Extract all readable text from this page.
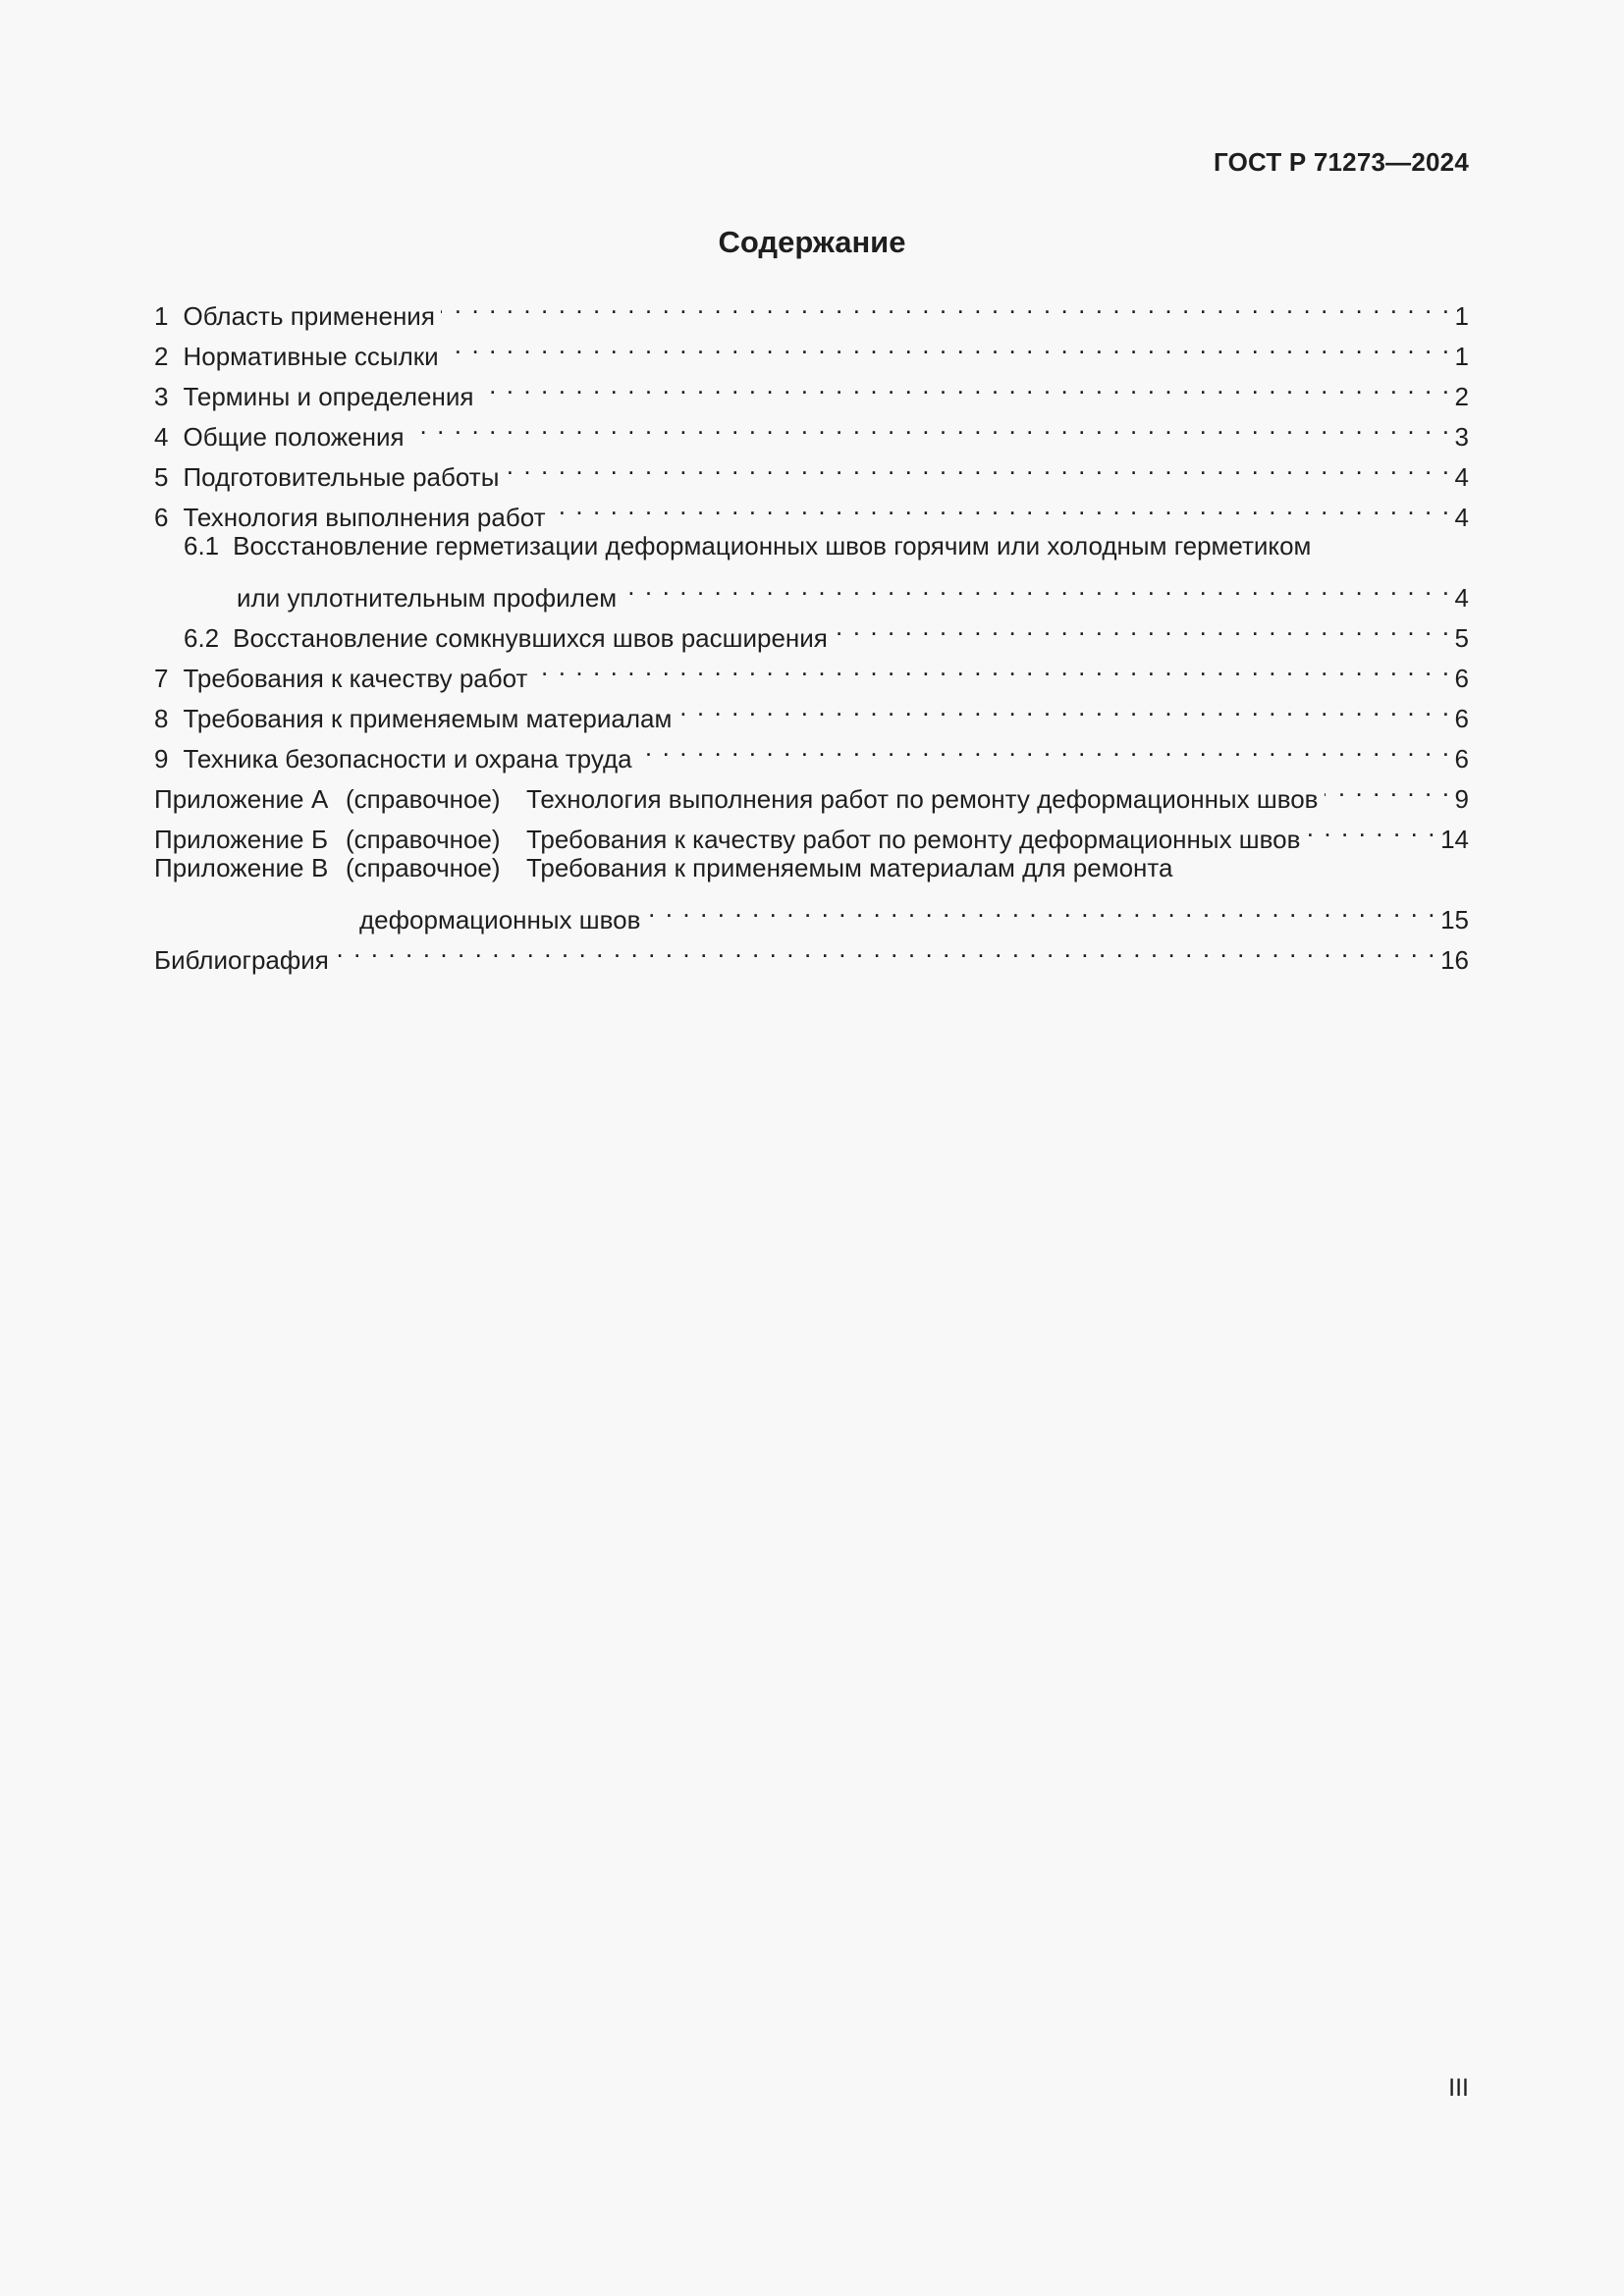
ГОСТ Р 71273—2024
Содержание
1 Область применения . . .	1
2 Нормативные ссылки . . .	1
3 Термины и определения . . .	2
4 Общие положения . . .	3
5 Подготовительные работы . . .	4
6 Технология выполнения работ . . .	4
6.1 Восстановление герметизации деформационных швов горячим или холодным герметиком
или уплотнительным профилем . . .	4
6.2 Восстановление сомкнувшихся швов расширения . . .	5
7 Требования к качеству работ . . .	6
8 Требования к применяемым материалам . . .	6
9 Техника безопасности и охрана труда . . .	6
Приложение А (справочное)	Технология выполнения работ по ремонту деформационных швов . . .	9
Приложение Б (справочное)	Требования к качеству работ по ремонту деформационных швов . . .	14
Приложение В (справочное)	Требования к применяемым материалам для ремонта
деформационных швов . . .	15
Библиография . . .	16
III
